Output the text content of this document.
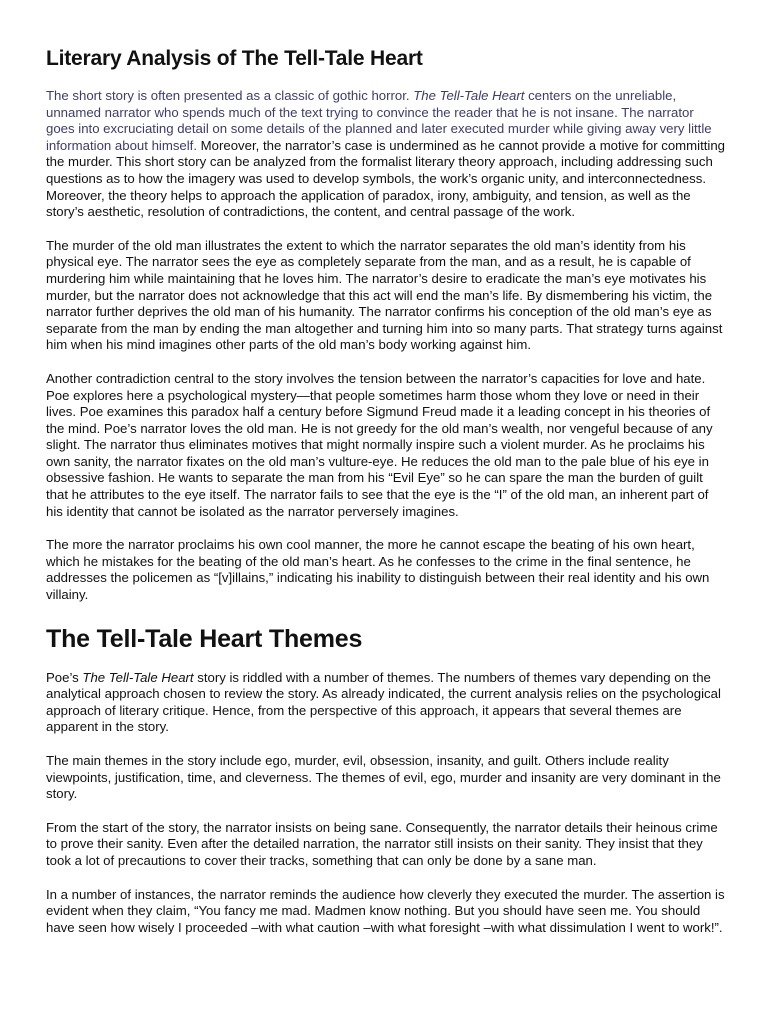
Literary Analysis of The Tell-Tale Heart

The short story is often presented as a classic of gothic horror. The Tell-Tale Heart centers on the unreliable, unnamed narrator who spends much of the text trying to convince the reader that he is not insane. The narrator goes into excruciating detail on some details of the planned and later executed murder while giving away very little information about himself. Moreover, the narrator’s case is undermined as he cannot provide a motive for committing the murder. This short story can be analyzed from the formalist literary theory approach, including addressing such questions as to how the imagery was used to develop symbols, the work’s organic unity, and interconnectedness. Moreover, the theory helps to approach the application of paradox, irony, ambiguity, and tension, as well as the story’s aesthetic, resolution of contradictions, the content, and central passage of the work.

The murder of the old man illustrates the extent to which the narrator separates the old man’s identity from his physical eye. The narrator sees the eye as completely separate from the man, and as a result, he is capable of murdering him while maintaining that he loves him. The narrator’s desire to eradicate the man’s eye motivates his murder, but the narrator does not acknowledge that this act will end the man’s life. By dismembering his victim, the narrator further deprives the old man of his humanity. The narrator confirms his conception of the old man’s eye as separate from the man by ending the man altogether and turning him into so many parts. That strategy turns against him when his mind imagines other parts of the old man’s body working against him.

Another contradiction central to the story involves the tension between the narrator’s capacities for love and hate. Poe explores here a psychological mystery—that people sometimes harm those whom they love or need in their lives. Poe examines this paradox half a century before Sigmund Freud made it a leading concept in his theories of the mind. Poe’s narrator loves the old man. He is not greedy for the old man’s wealth, nor vengeful because of any slight. The narrator thus eliminates motives that might normally inspire such a violent murder. As he proclaims his own sanity, the narrator fixates on the old man’s vulture-eye. He reduces the old man to the pale blue of his eye in obsessive fashion. He wants to separate the man from his “Evil Eye” so he can spare the man the burden of guilt that he attributes to the eye itself. The narrator fails to see that the eye is the “I” of the old man, an inherent part of his identity that cannot be isolated as the narrator perversely imagines.

The more the narrator proclaims his own cool manner, the more he cannot escape the beating of his own heart, which he mistakes for the beating of the old man’s heart. As he confesses to the crime in the final sentence, he addresses the policemen as “[v]illains,” indicating his inability to distinguish between their real identity and his own villainy.

The Tell-Tale Heart Themes

Poe’s The Tell-Tale Heart story is riddled with a number of themes. The numbers of themes vary depending on the analytical approach chosen to review the story. As already indicated, the current analysis relies on the psychological approach of literary critique. Hence, from the perspective of this approach, it appears that several themes are apparent in the story.

The main themes in the story include ego, murder, evil, obsession, insanity, and guilt. Others include reality viewpoints, justification, time, and cleverness. The themes of evil, ego, murder and insanity are very dominant in the story.

From the start of the story, the narrator insists on being sane. Consequently, the narrator details their heinous crime to prove their sanity. Even after the detailed narration, the narrator still insists on their sanity. They insist that they took a lot of precautions to cover their tracks, something that can only be done by a sane man.

In a number of instances, the narrator reminds the audience how cleverly they executed the murder. The assertion is evident when they claim, “You fancy me mad. Madmen know nothing. But you should have seen me. You should have seen how wisely I proceeded –with what caution –with what foresight –with what dissimulation I went to work!”.
